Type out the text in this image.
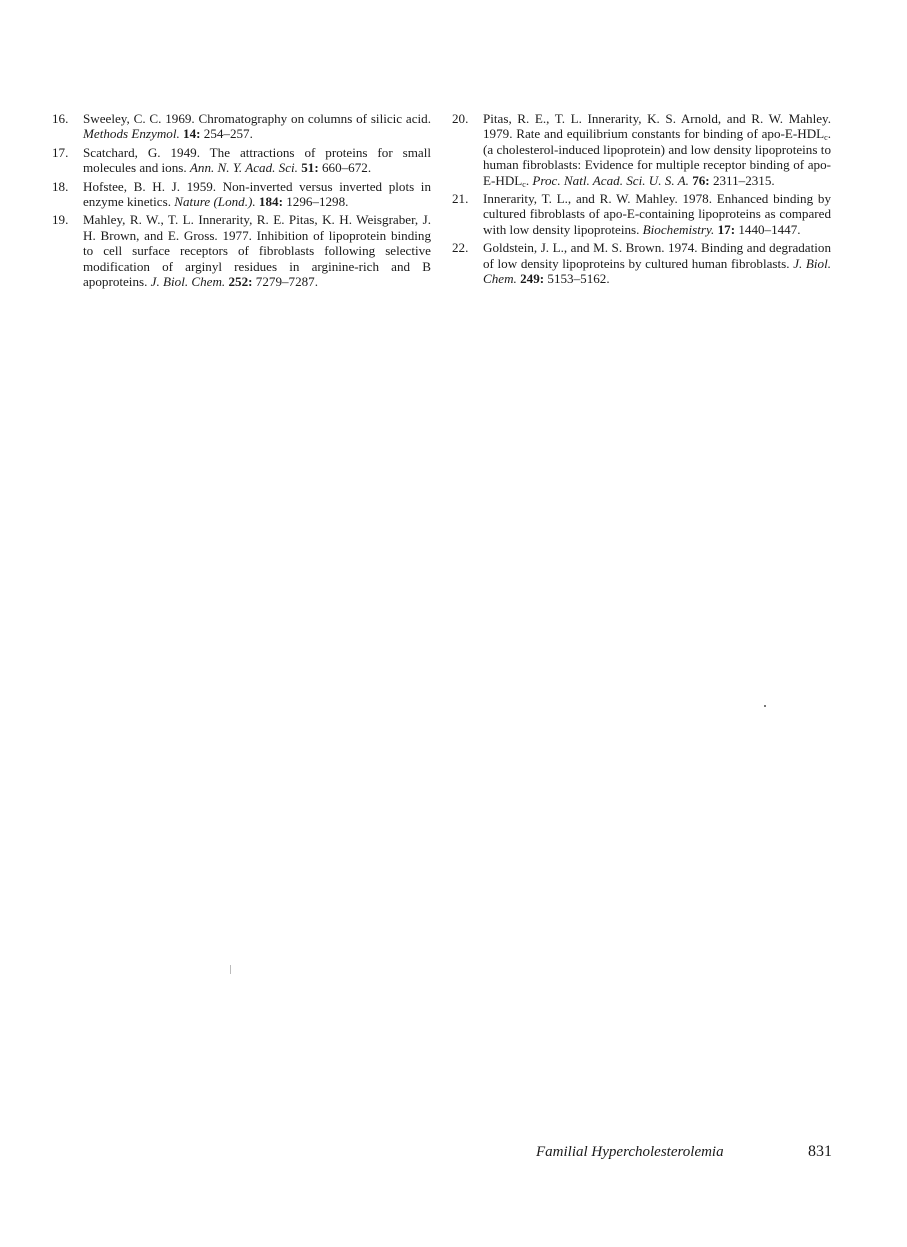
16. Sweeley, C. C. 1969. Chromatography on columns of silicic acid. Methods Enzymol. 14: 254–257.
17. Scatchard, G. 1949. The attractions of proteins for small molecules and ions. Ann. N. Y. Acad. Sci. 51: 660–672.
18. Hofstee, B. H. J. 1959. Non-inverted versus inverted plots in enzyme kinetics. Nature (Lond.). 184: 1296–1298.
19. Mahley, R. W., T. L. Innerarity, R. E. Pitas, K. H. Weisgraber, J. H. Brown, and E. Gross. 1977. Inhibition of lipoprotein binding to cell surface receptors of fibroblasts following selective modification of arginyl residues in arginine-rich and B apoproteins. J. Biol. Chem. 252: 7279–7287.
20. Pitas, R. E., T. L. Innerarity, K. S. Arnold, and R. W. Mahley. 1979. Rate and equilibrium constants for binding of apo-$E-HDL_c$. (a cholesterol-induced lipoprotein) and low density lipoproteins to human fibroblasts: Evidence for multiple receptor binding of apo-$E-HDL_c$. Proc. Natl. Acad. Sci. U. S. A. 76: 2311–2315.
21. Innerarity, T. L., and R. W. Mahley. 1978. Enhanced binding by cultured fibroblasts of apo-E-containing lipoproteins as compared with low density lipoproteins. Biochemistry. 17: 1440–1447.
22. Goldstein, J. L., and M. S. Brown. 1974. Binding and degradation of low density lipoproteins by cultured human fibroblasts. J. Biol. Chem. 249: 5153–5162.
Familial Hypercholesterolemia	831
